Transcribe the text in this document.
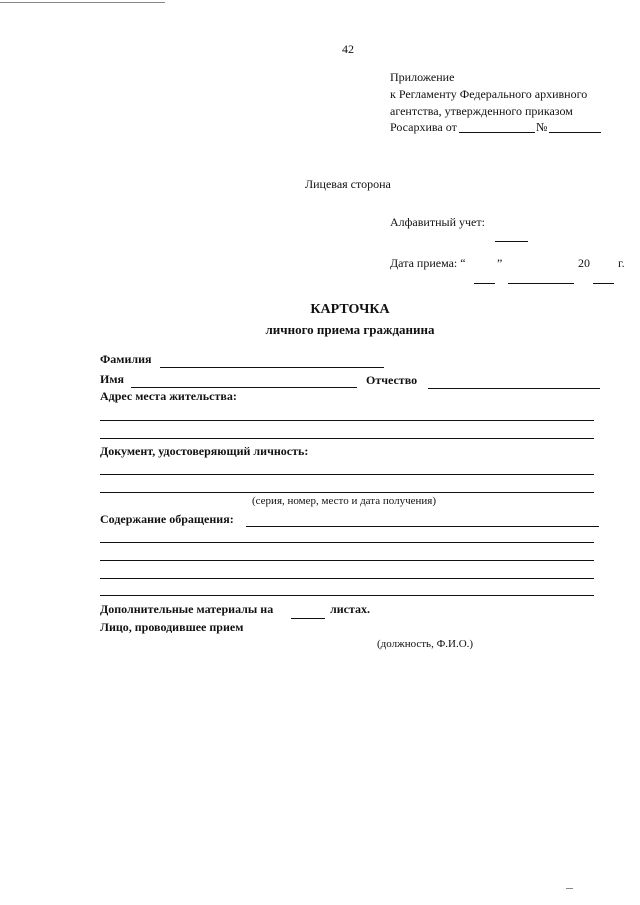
42
Приложение
к Регламенту Федерального архивного
агентства, утвержденного приказом
Росархива от	№
Лицевая сторона
Алфавитный учет:
Дата приема: “	”	20 г.
КАРТОЧКА
личного приема гражданина
Фамилия
Имя	Отчество
Адрес места жительства:
Документ, удостоверяющий личность:
(серия, номер, место и дата получения)
Содержание обращения:
Дополнительные материалы на	листах.
Лицо, проводившее прием
(должность, Ф.И.О.)
